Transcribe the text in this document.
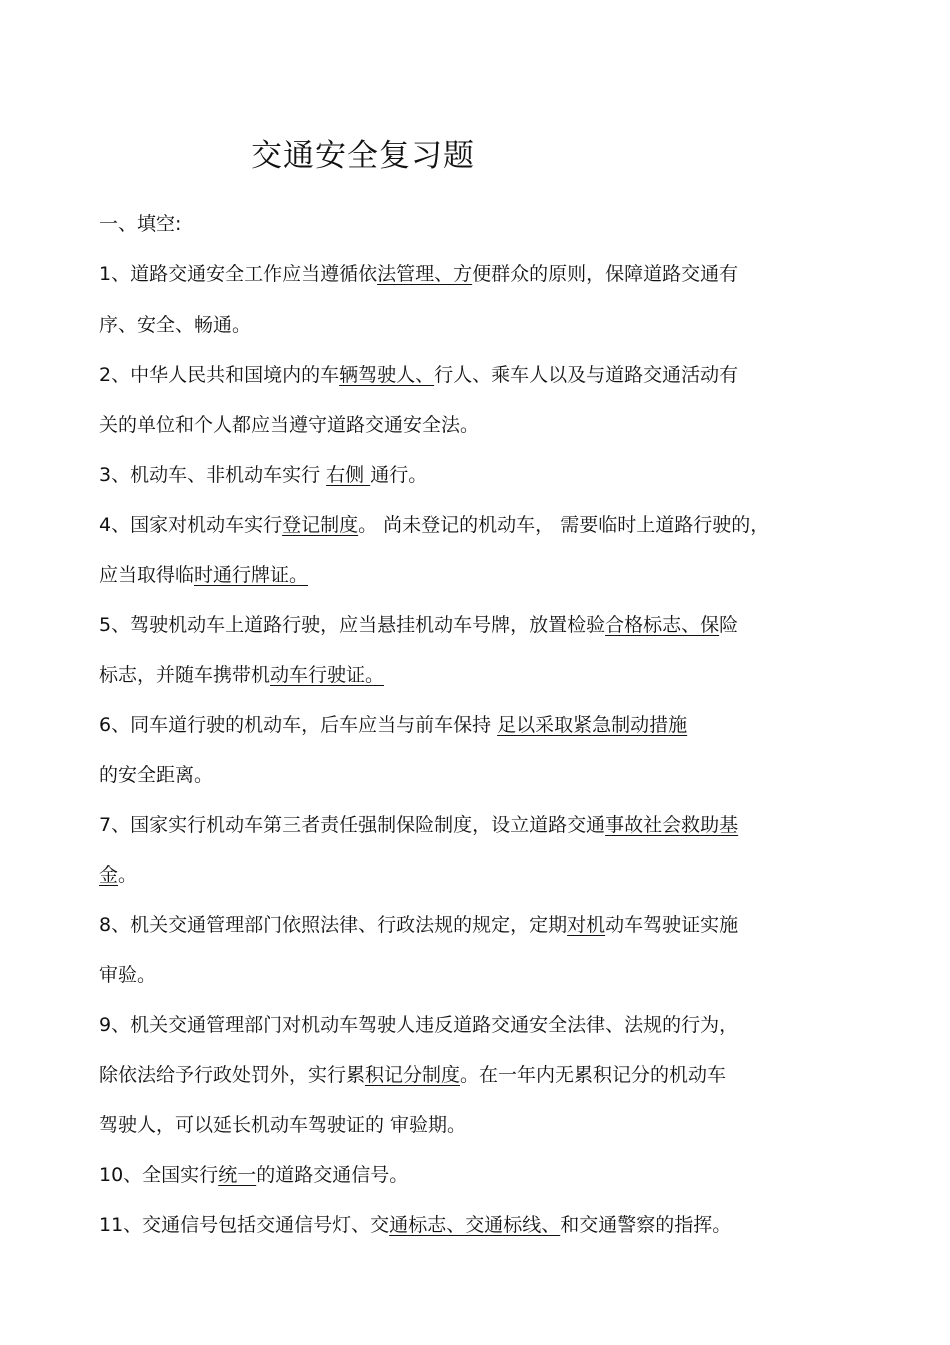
交通安全复习题
一、填空:
1、道路交通安全工作应当遵循依法管理、方便群众的原则，保障道路交通有
序、安全、畅通。
2、中华人民共和国境内的车辆驾驶人、行人、乘车人以及与道路交通活动有
关的单位和个人都应当遵守道路交通安全法。
3、机动车、非机动车实行 右侧 通行。
4、国家对机动车实行登记制度。 尚未登记的机动车， 需要临时上道路行驶的，
应当取得临时通行牌证。
5、驾驶机动车上道路行驶，应当悬挂机动车号牌，放置检验合格标志、保险
标志，并随车携带机动车行驶证。
6、同车道行驶的机动车，后车应当与前车保持 足以采取紧急制动措施
的安全距离。
7、国家实行机动车第三者责任强制保险制度，设立道路交通事故社会救助基
金。
8、机关交通管理部门依照法律、行政法规的规定，定期对机动车驾驶证实施
审验。
9、机关交通管理部门对机动车驾驶人违反道路交通安全法律、法规的行为，
除依法给予行政处罚外，实行累积记分制度。在一年内无累积记分的机动车
驾驶人，可以延长机动车驾驶证的 审验期。
10、全国实行统一的道路交通信号。
11、交通信号包括交通信号灯、交通标志、交通标线、和交通警察的指挥。
